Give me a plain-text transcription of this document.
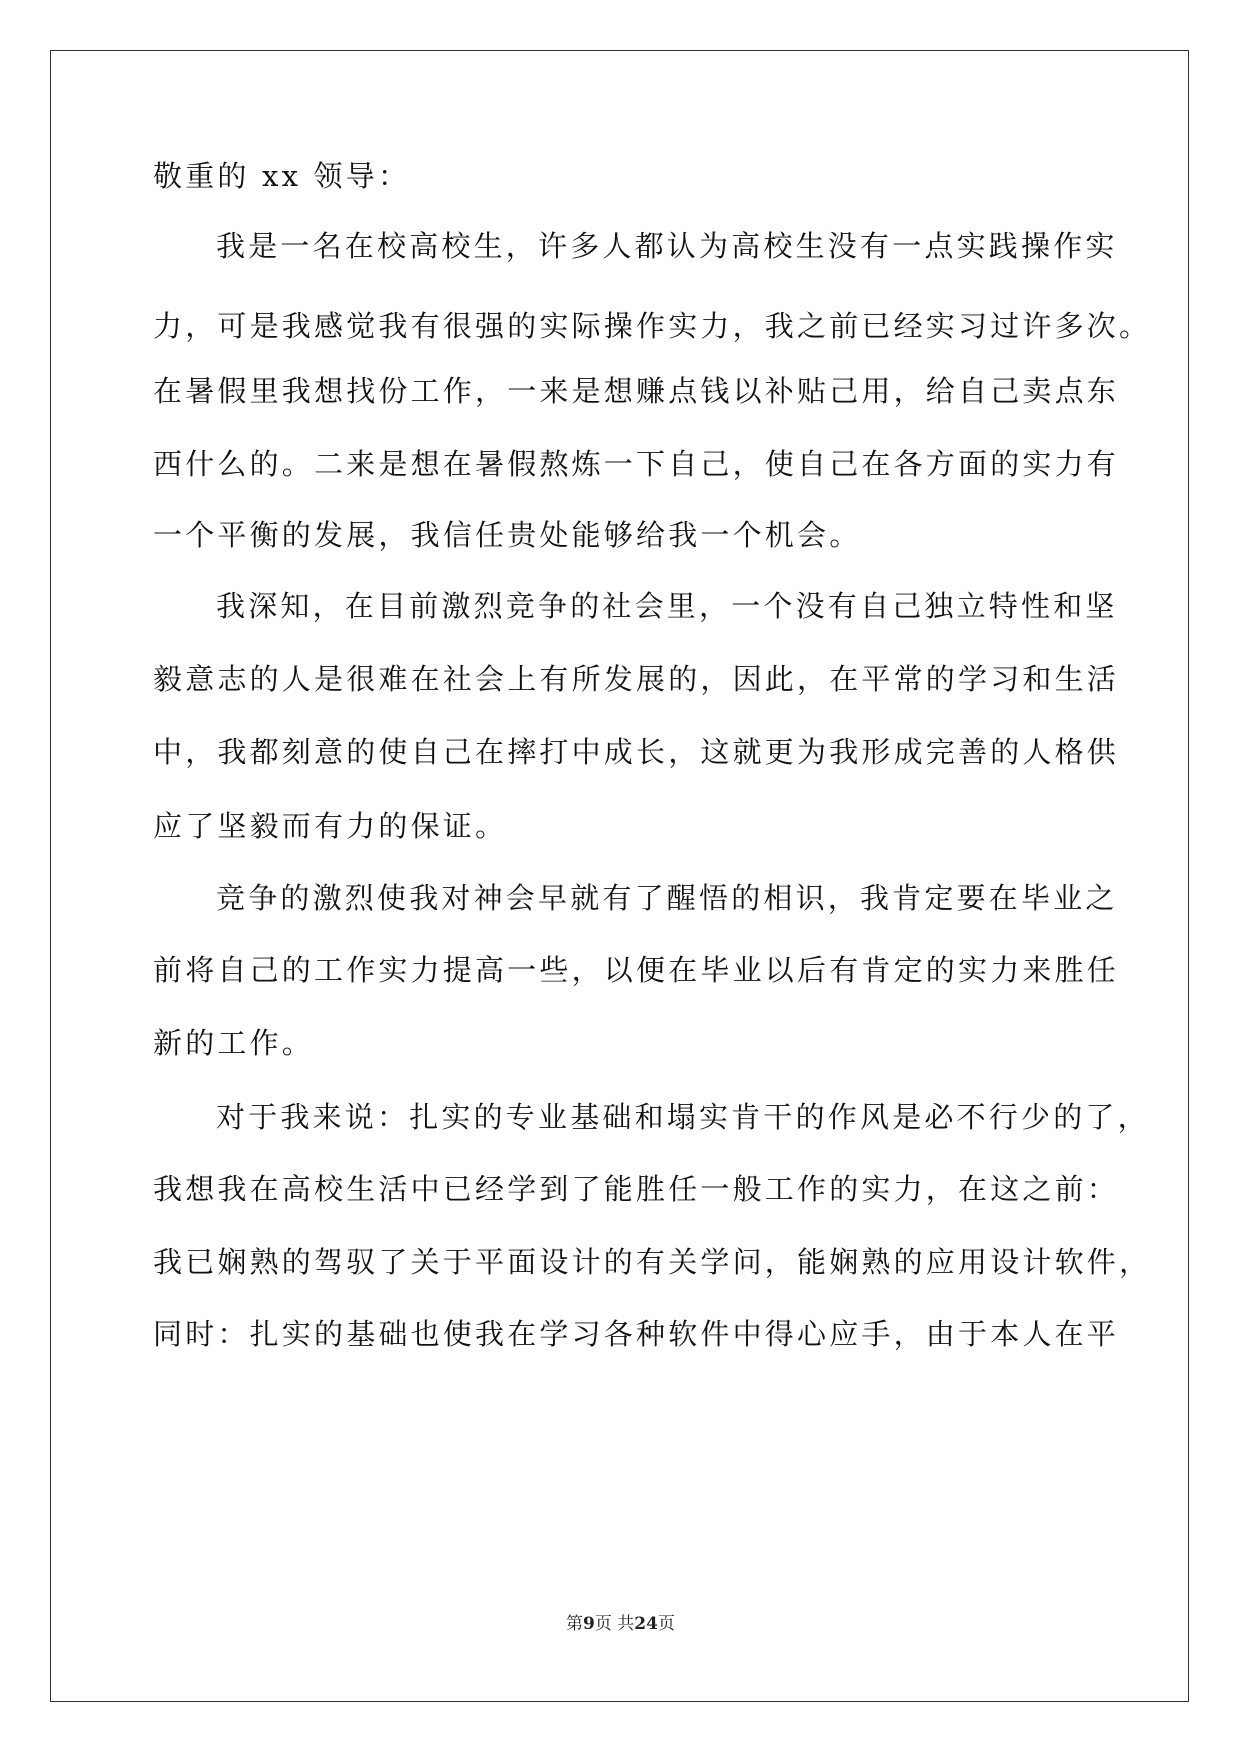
敬重的 xx 领导：
我是一名在校高校生，许多人都认为高校生没有一点实践操作实
力，可是我感觉我有很强的实际操作实力，我之前已经实习过许多次。
在暑假里我想找份工作，一来是想赚点钱以补贴己用，给自己卖点东
西什么的。二来是想在暑假熬炼一下自己，使自己在各方面的实力有
一个平衡的发展，我信任贵处能够给我一个机会。
我深知，在目前激烈竞争的社会里，一个没有自己独立特性和坚
毅意志的人是很难在社会上有所发展的，因此，在平常的学习和生活
中，我都刻意的使自己在摔打中成长，这就更为我形成完善的人格供
应了坚毅而有力的保证。
竞争的激烈使我对神会早就有了醒悟的相识，我肯定要在毕业之
前将自己的工作实力提高一些，以便在毕业以后有肯定的实力来胜任
新的工作。
对于我来说：扎实的专业基础和塌实肯干的作风是必不行少的了，
我想我在高校生活中已经学到了能胜任一般工作的实力，在这之前：
我已娴熟的驾驭了关于平面设计的有关学问，能娴熟的应用设计软件，
同时：扎实的基础也使我在学习各种软件中得心应手，由于本人在平
第9页 共24页
